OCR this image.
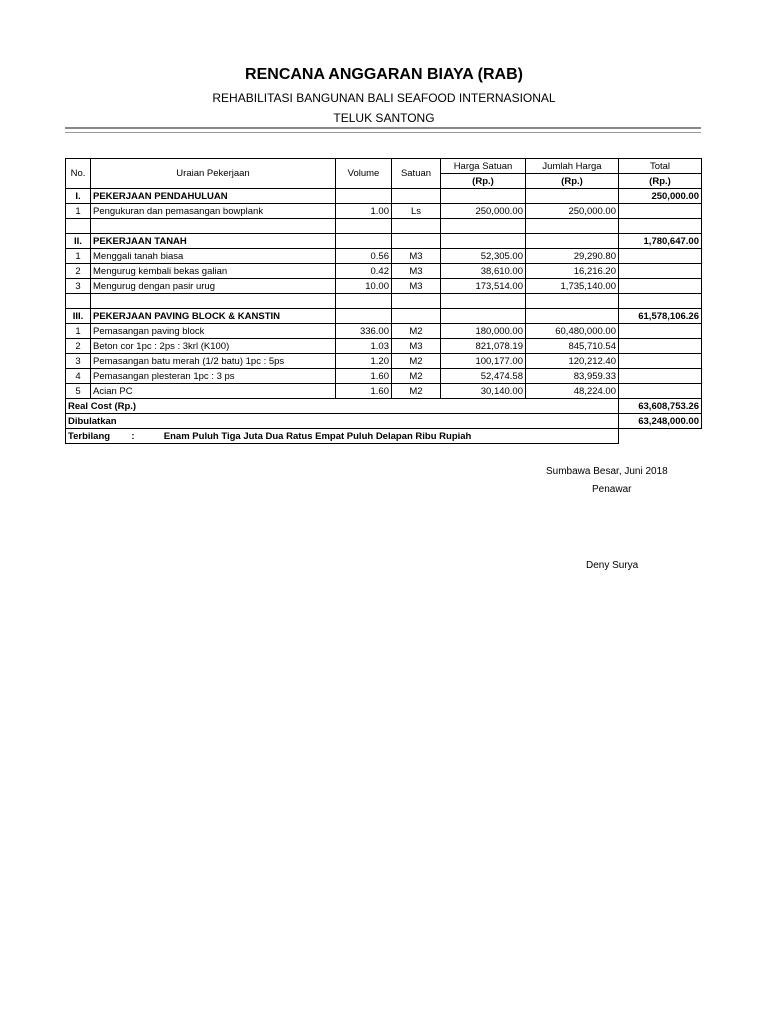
RENCANA ANGGARAN BIAYA (RAB)
REHABILITASI BANGUNAN BALI SEAFOOD INTERNASIONAL
TELUK SANTONG
No.	Uraian Pekerjaan	Volume	Satuan	Harga Satuan	Jumlah Harga	Total
				(Rp.)	(Rp.)	(Rp.)
I.	PEKERJAAN PENDAHULUAN					250,000.00
1	Pengukuran dan pemasangan bowplank	1.00	Ls	250,000.00	250,000.00	

II.	PEKERJAAN TANAH					1,780,647.00
1	Menggali tanah biasa	0.56	M3	52,305.00	29,290.80	
2	Mengurug kembali bekas galian	0.42	M3	38,610.00	16,216.20	
3	Mengurug dengan pasir urug	10.00	M3	173,514.00	1,735,140.00	

III.	PEKERJAAN PAVING BLOCK & KANSTIN					61,578,106.26
1	Pemasangan paving block	336.00	M2	180,000.00	60,480,000.00	
2	Beton cor 1pc : 2ps : 3krl (K100)	1.03	M3	821,078.19	845,710.54	
3	Pemasangan batu merah (1/2 batu) 1pc : 5ps	1.20	M2	100,177.00	120,212.40	
4	Pemasangan plesteran 1pc : 3 ps	1.60	M2	52,474.58	83,959.33	
5	Acian PC	1.60	M2	30,140.00	48,224.00	
Real Cost (Rp.)						63,608,753.26
Dibulatkan						63,248,000.00
Terbilang : Enam Puluh Tiga Juta Dua Ratus Empat Puluh Delapan Ribu Rupiah						
Sumbawa Besar, Juni 2018
Penawar
Deny Surya
